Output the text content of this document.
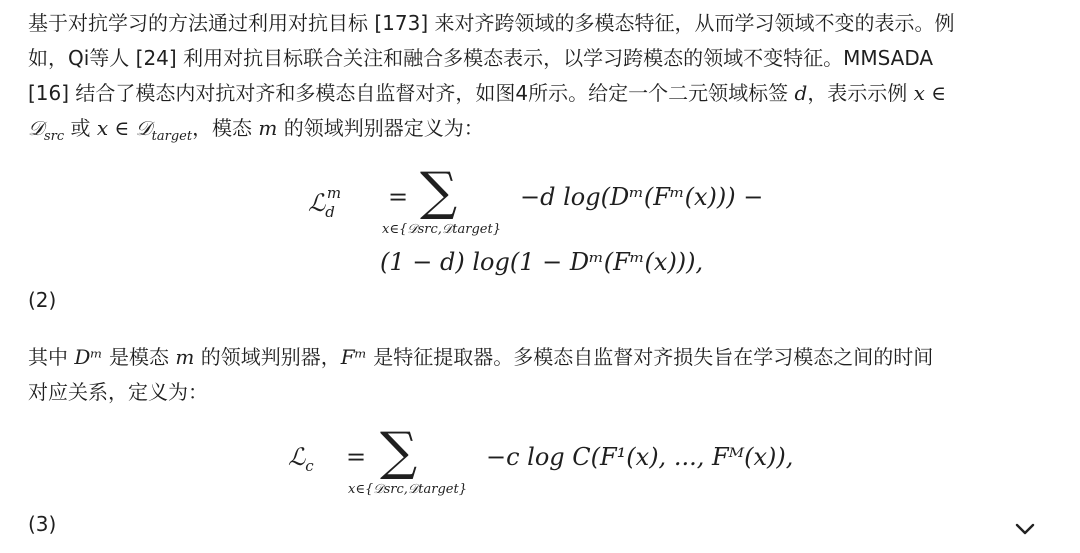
基于对抗学习的方法通过利用对抗目标 [173] 来对齐跨领域的多模态特征，从而学习领域不变的表示。例
如，Qi等人 [24] 利用对抗目标联合关注和融合多模态表示，以学习跨模态的领域不变特征。MMSADA
[16] 结合了模态内对抗对齐和多模态自监督对齐，如图4所示。给定一个二元领域标签 d，表示示例 x ∈
𝒟$_{src}$ 或 x ∈ 𝒟$_{target}$，模态 m 的领域判别器定义为：
ℒ$_d^m$	= ∑
x∈{𝒟src,𝒟target}
−d log(Dᵐ(Fᵐ(x))) −
(1 − d) log(1 − Dᵐ(Fᵐ(x))),
(2)
其中 Dᵐ 是模态 m 的领域判别器，Fᵐ 是特征提取器。多模态自监督对齐损失旨在学习模态之间的时间
对应关系，定义为：
ℒ$_c$ = ∑
x∈{𝒟src,𝒟target}
−c log C(F¹(x), ..., Fᴹ(x)),
(3)
